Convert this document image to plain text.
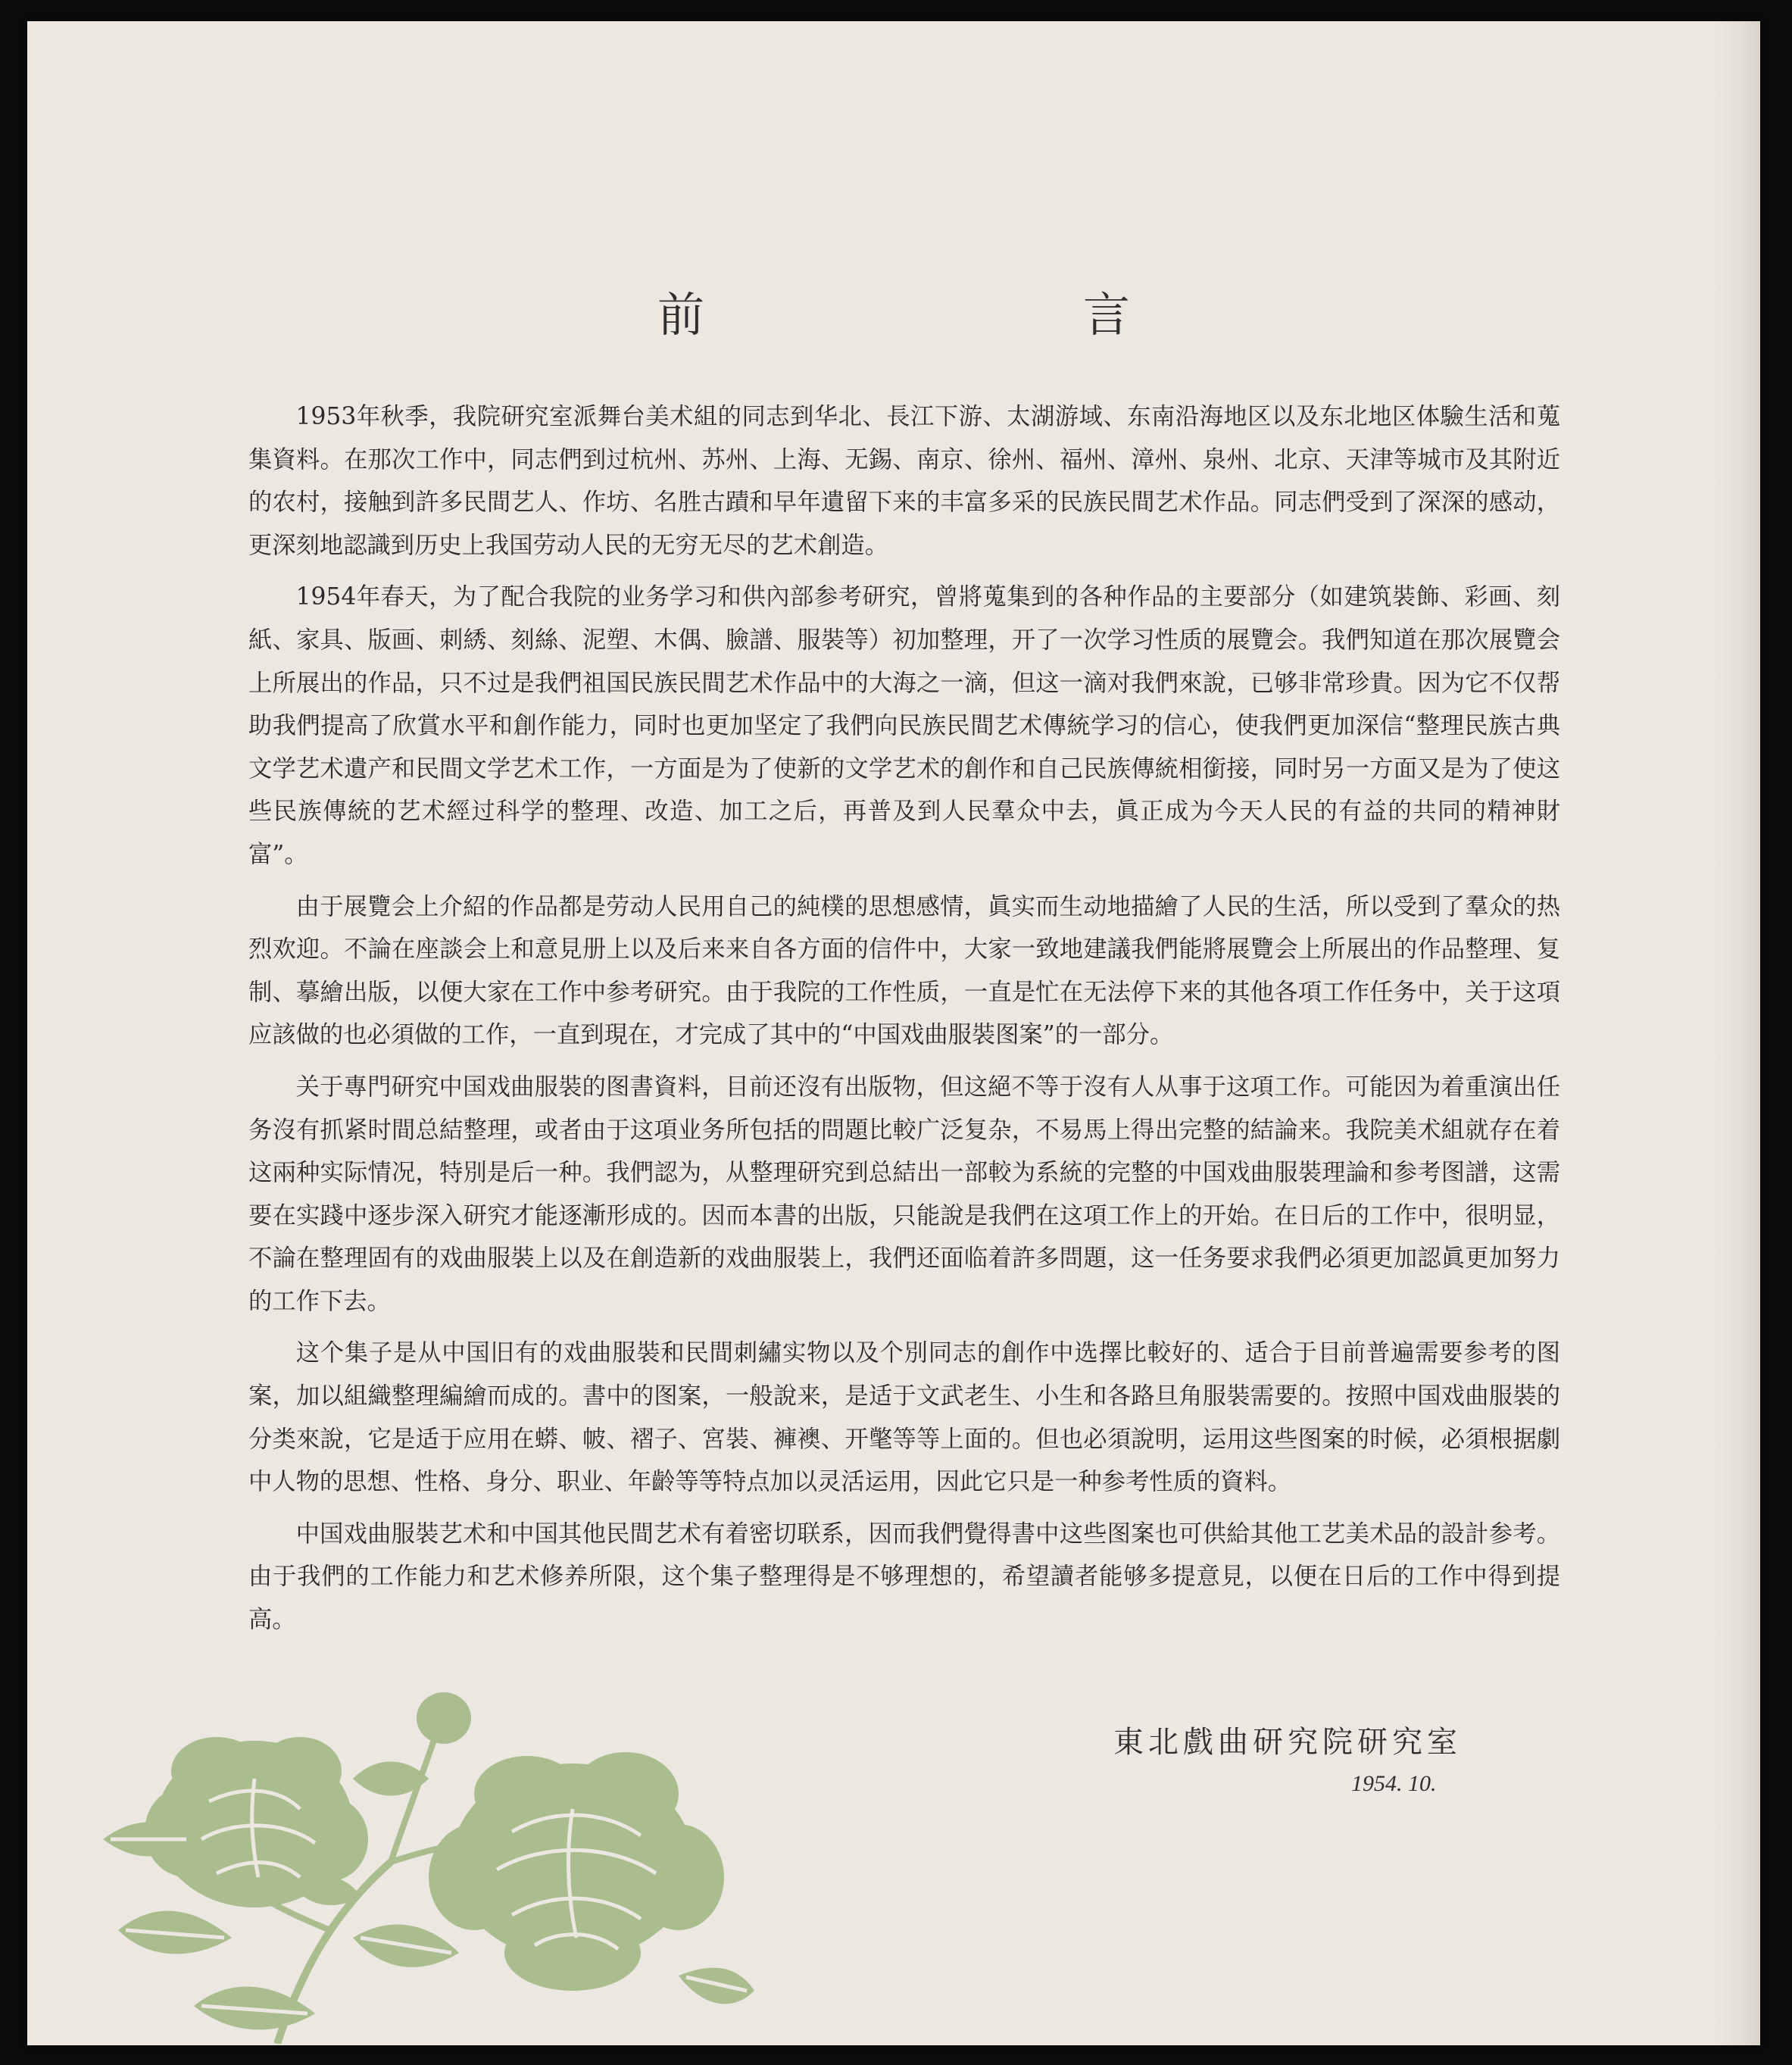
前 言

1953年秋季，我院研究室派舞台美术組的同志到华北、長江下游、太湖游域、东南沿海地区以及东北地区体驗生活和蒐集資料。在那次工作中，同志們到过杭州、苏州、上海、无錫、南京、徐州、福州、漳州、泉州、北京、天津等城市及其附近的农村，接触到許多民間艺人、作坊、名胜古蹟和早年遺留下来的丰富多采的民族民間艺术作品。同志們受到了深深的感动，更深刻地認識到历史上我国劳动人民的无穷无尽的艺术創造。

1954年春天，为了配合我院的业务学习和供內部参考研究，曾將蒐集到的各种作品的主要部分（如建筑裝飾、彩画、刻紙、家具、版画、刺綉、刻絲、泥塑、木偶、臉譜、服裝等）初加整理，开了一次学习性质的展覽会。我們知道在那次展覽会上所展出的作品，只不过是我們祖国民族民間艺术作品中的大海之一滴，但这一滴对我們來說，已够非常珍貴。因为它不仅帮助我們提高了欣賞水平和創作能力，同时也更加坚定了我們向民族民間艺术傳統学习的信心，使我們更加深信“整理民族古典文学艺术遺产和民間文学艺术工作，一方面是为了使新的文学艺术的創作和自己民族傳統相銜接，同时另一方面又是为了使这些民族傳統的艺术經过科学的整理、改造、加工之后，再普及到人民羣众中去，眞正成为今天人民的有益的共同的精神財富”。

由于展覽会上介紹的作品都是劳动人民用自己的純樸的思想感情，眞实而生动地描繪了人民的生活，所以受到了羣众的热烈欢迎。不論在座談会上和意見册上以及后来来自各方面的信件中，大家一致地建議我們能將展覽会上所展出的作品整理、复制、摹繪出版，以便大家在工作中参考研究。由于我院的工作性质，一直是忙在无法停下来的其他各項工作任务中，关于这項应該做的也必須做的工作，一直到現在，才完成了其中的“中国戏曲服裝图案”的一部分。

关于專門研究中国戏曲服裝的图書資料，目前还沒有出版物，但这絕不等于沒有人从事于这項工作。可能因为着重演出任务沒有抓紧时間总結整理，或者由于这項业务所包括的問題比較广泛复杂，不易馬上得出完整的結論来。我院美术組就存在着这兩种实际情况，特別是后一种。我們認为，从整理研究到总結出一部較为系統的完整的中国戏曲服裝理論和参考图譜，这需要在实踐中逐步深入研究才能逐漸形成的。因而本書的出版，只能說是我們在这項工作上的开始。在日后的工作中，很明显，不論在整理固有的戏曲服裝上以及在創造新的戏曲服裝上，我們还面临着許多問題，这一任务要求我們必須更加認眞更加努力的工作下去。

这个集子是从中国旧有的戏曲服裝和民間刺繡实物以及个別同志的創作中选擇比較好的、适合于目前普遍需要参考的图案，加以組織整理編繪而成的。書中的图案，一般說来，是适于文武老生、小生和各路旦角服裝需要的。按照中国戏曲服裝的分类來說，它是适于应用在蟒、帔、褶子、宮裝、褲襖、开氅等等上面的。但也必須說明，运用这些图案的时候，必須根据劇中人物的思想、性格、身分、职业、年齡等等特点加以灵活运用，因此它只是一种参考性质的資料。

中国戏曲服裝艺术和中国其他民間艺术有着密切联系，因而我們覺得書中这些图案也可供給其他工艺美术品的設計参考。由于我們的工作能力和艺术修养所限，这个集子整理得是不够理想的，希望讀者能够多提意見，以便在日后的工作中得到提高。

東北戲曲研究院研究室
1954. 10.
